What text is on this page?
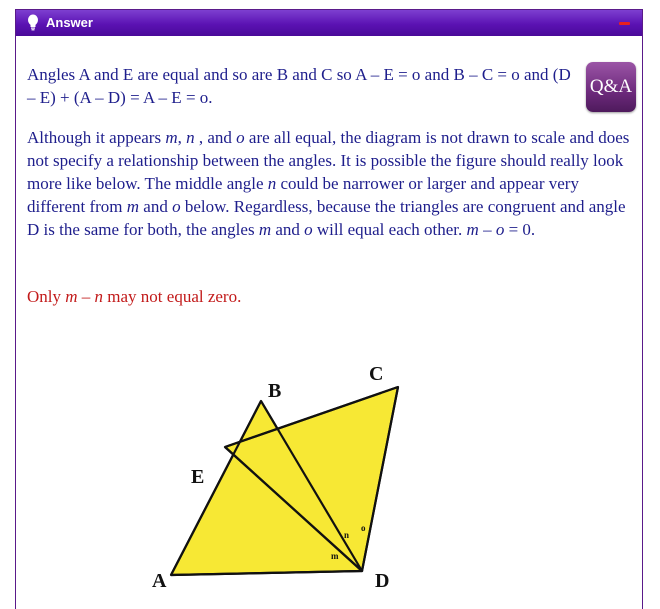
Answer
Q&A
Angles A and E are equal and so are B and C so A – E = o and B – C = o and (D – E) + (A – D) = A – E = o.
Although it appears m, n , and o are all equal, the diagram is not drawn to scale and does not specify a relationship between the angles. It is possible the figure should really look more like below. The middle angle n could be narrower or larger and appear very different from m and o below. Regardless, because the triangles are congruent and angle D is the same for both, the angles m and o will equal each other. m – o = 0.
Only m – n may not equal zero.
A
B
C
D
E
m
n
o
